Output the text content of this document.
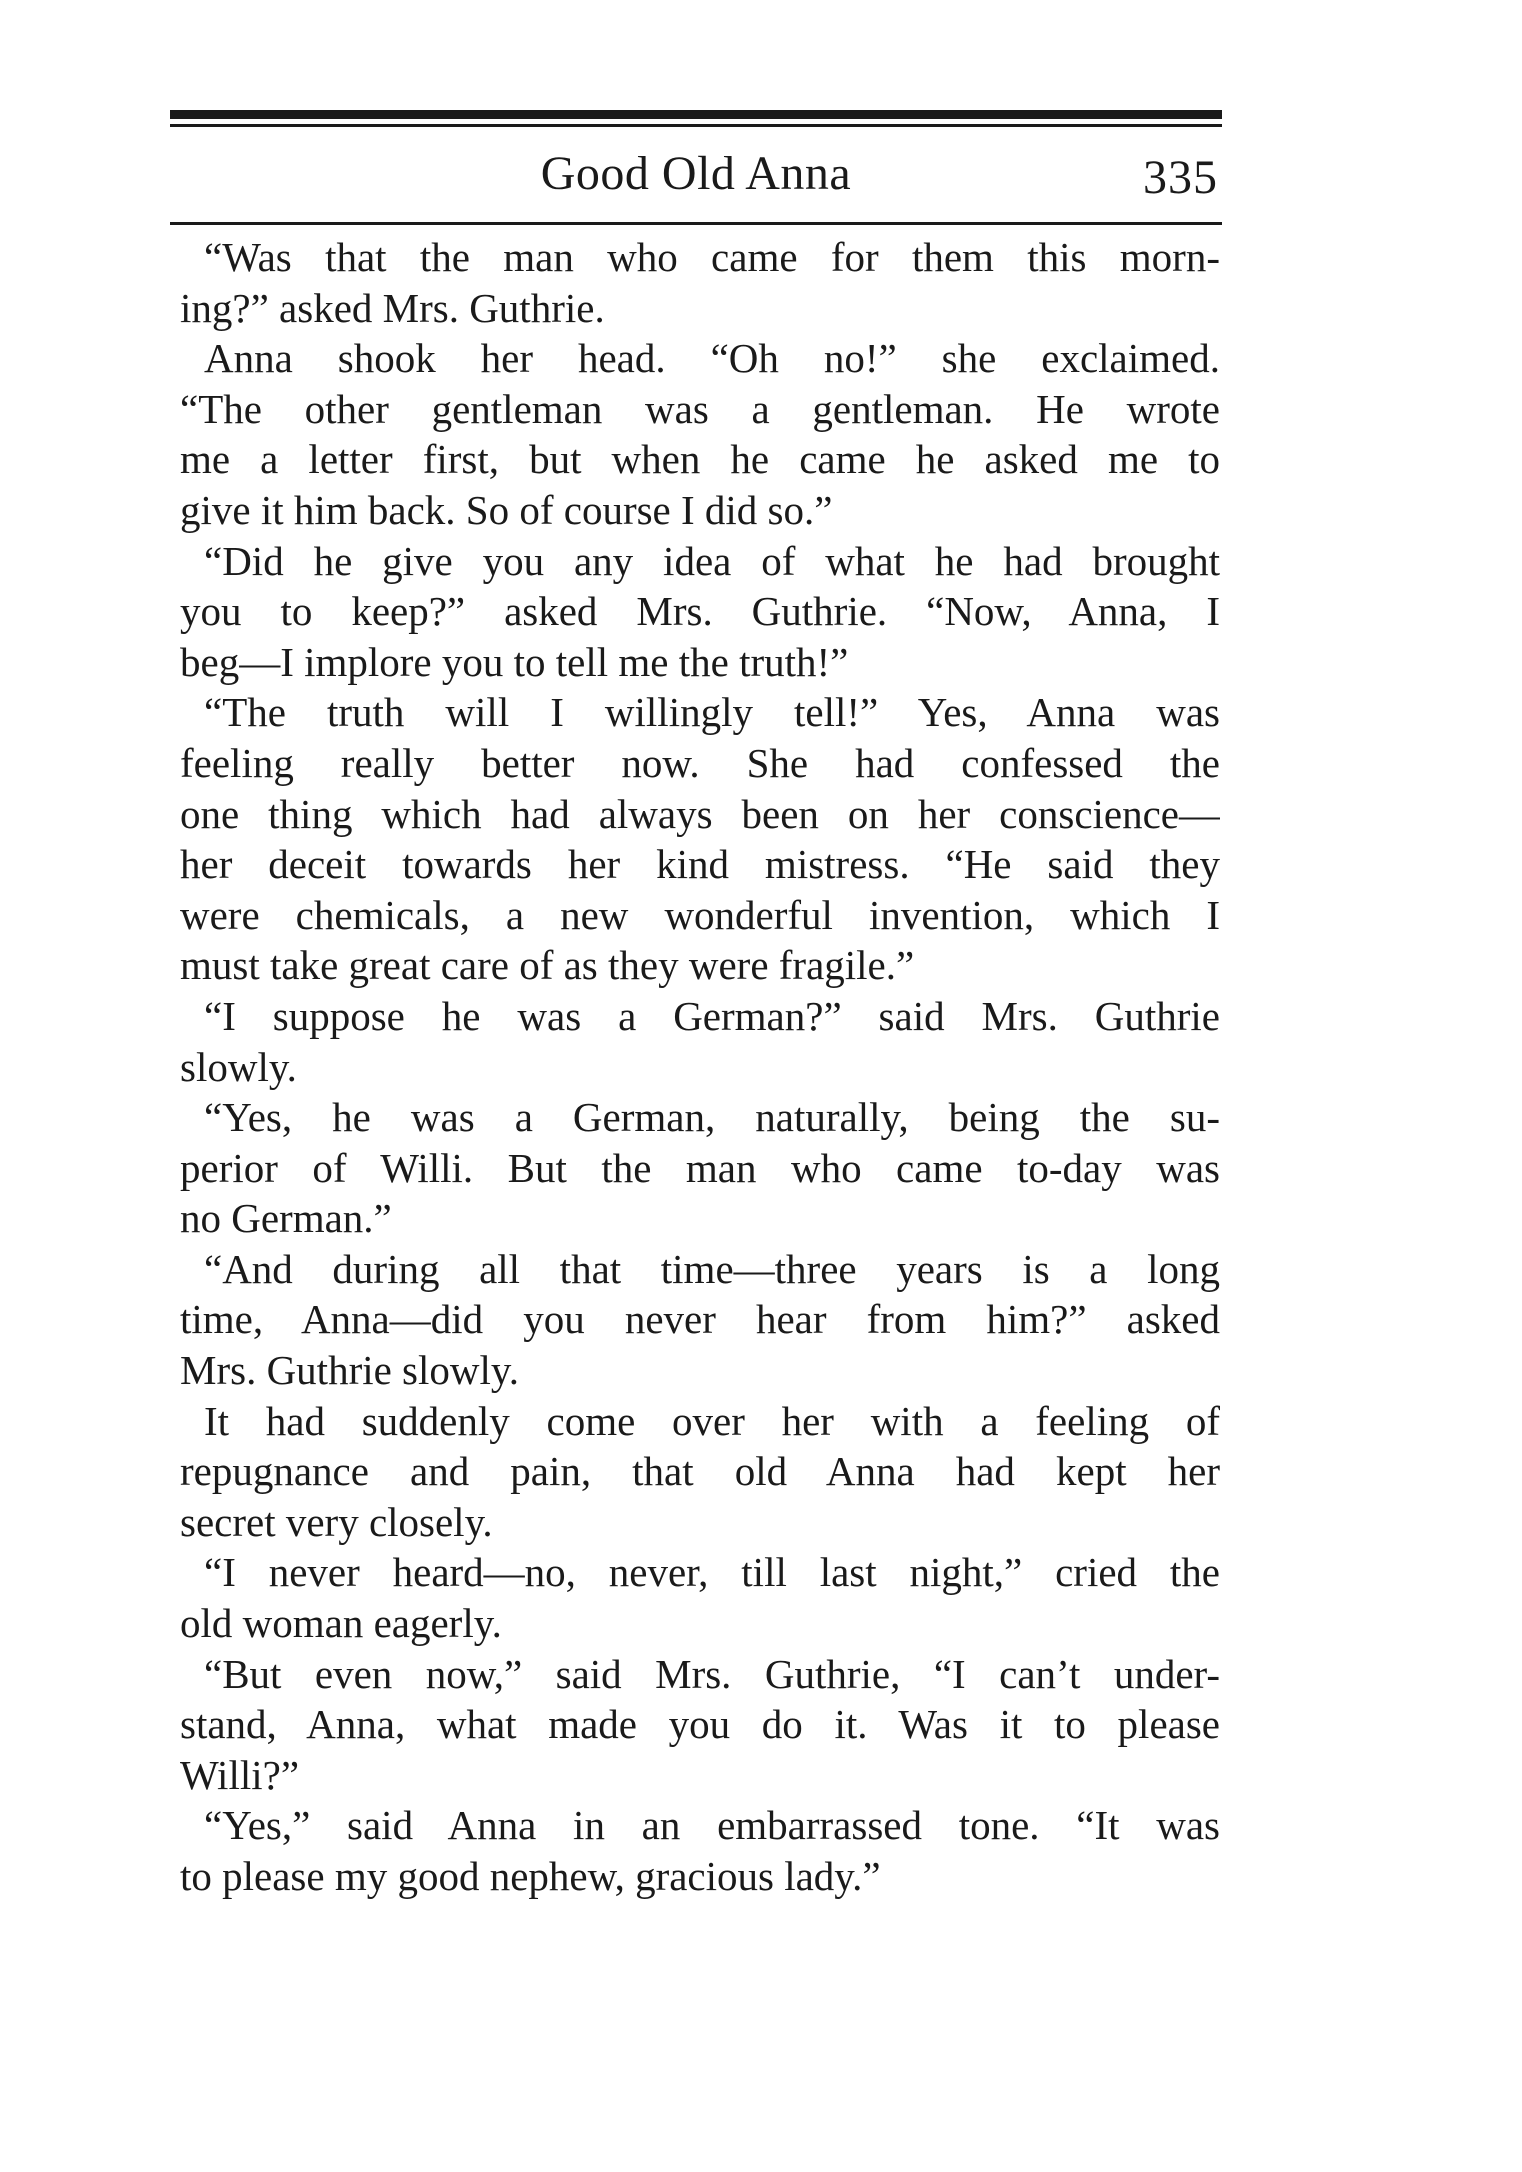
Good Old Anna	335
“Was that the man who came for them this morn-
ing?” asked Mrs. Guthrie.
Anna shook her head. “Oh no!” she exclaimed.
“The other gentleman was a gentleman. He wrote
me a letter first, but when he came he asked me to
give it him back. So of course I did so.”
“Did he give you any idea of what he had brought
you to keep?” asked Mrs. Guthrie. “Now, Anna, I
beg—I implore you to tell me the truth!”
“The truth will I willingly tell!” Yes, Anna was
feeling really better now. She had confessed the
one thing which had always been on her conscience—
her deceit towards her kind mistress. “He said they
were chemicals, a new wonderful invention, which I
must take great care of as they were fragile.”
“I suppose he was a German?” said Mrs. Guthrie
slowly.
“Yes, he was a German, naturally, being the su-
perior of Willi. But the man who came to-day was
no German.”
“And during all that time—three years is a long
time, Anna—did you never hear from him?” asked
Mrs. Guthrie slowly.
It had suddenly come over her with a feeling of
repugnance and pain, that old Anna had kept her
secret very closely.
“I never heard—no, never, till last night,” cried the
old woman eagerly.
“But even now,” said Mrs. Guthrie, “I can’t under-
stand, Anna, what made you do it. Was it to please
Willi?”
“Yes,” said Anna in an embarrassed tone. “It was
to please my good nephew, gracious lady.”
